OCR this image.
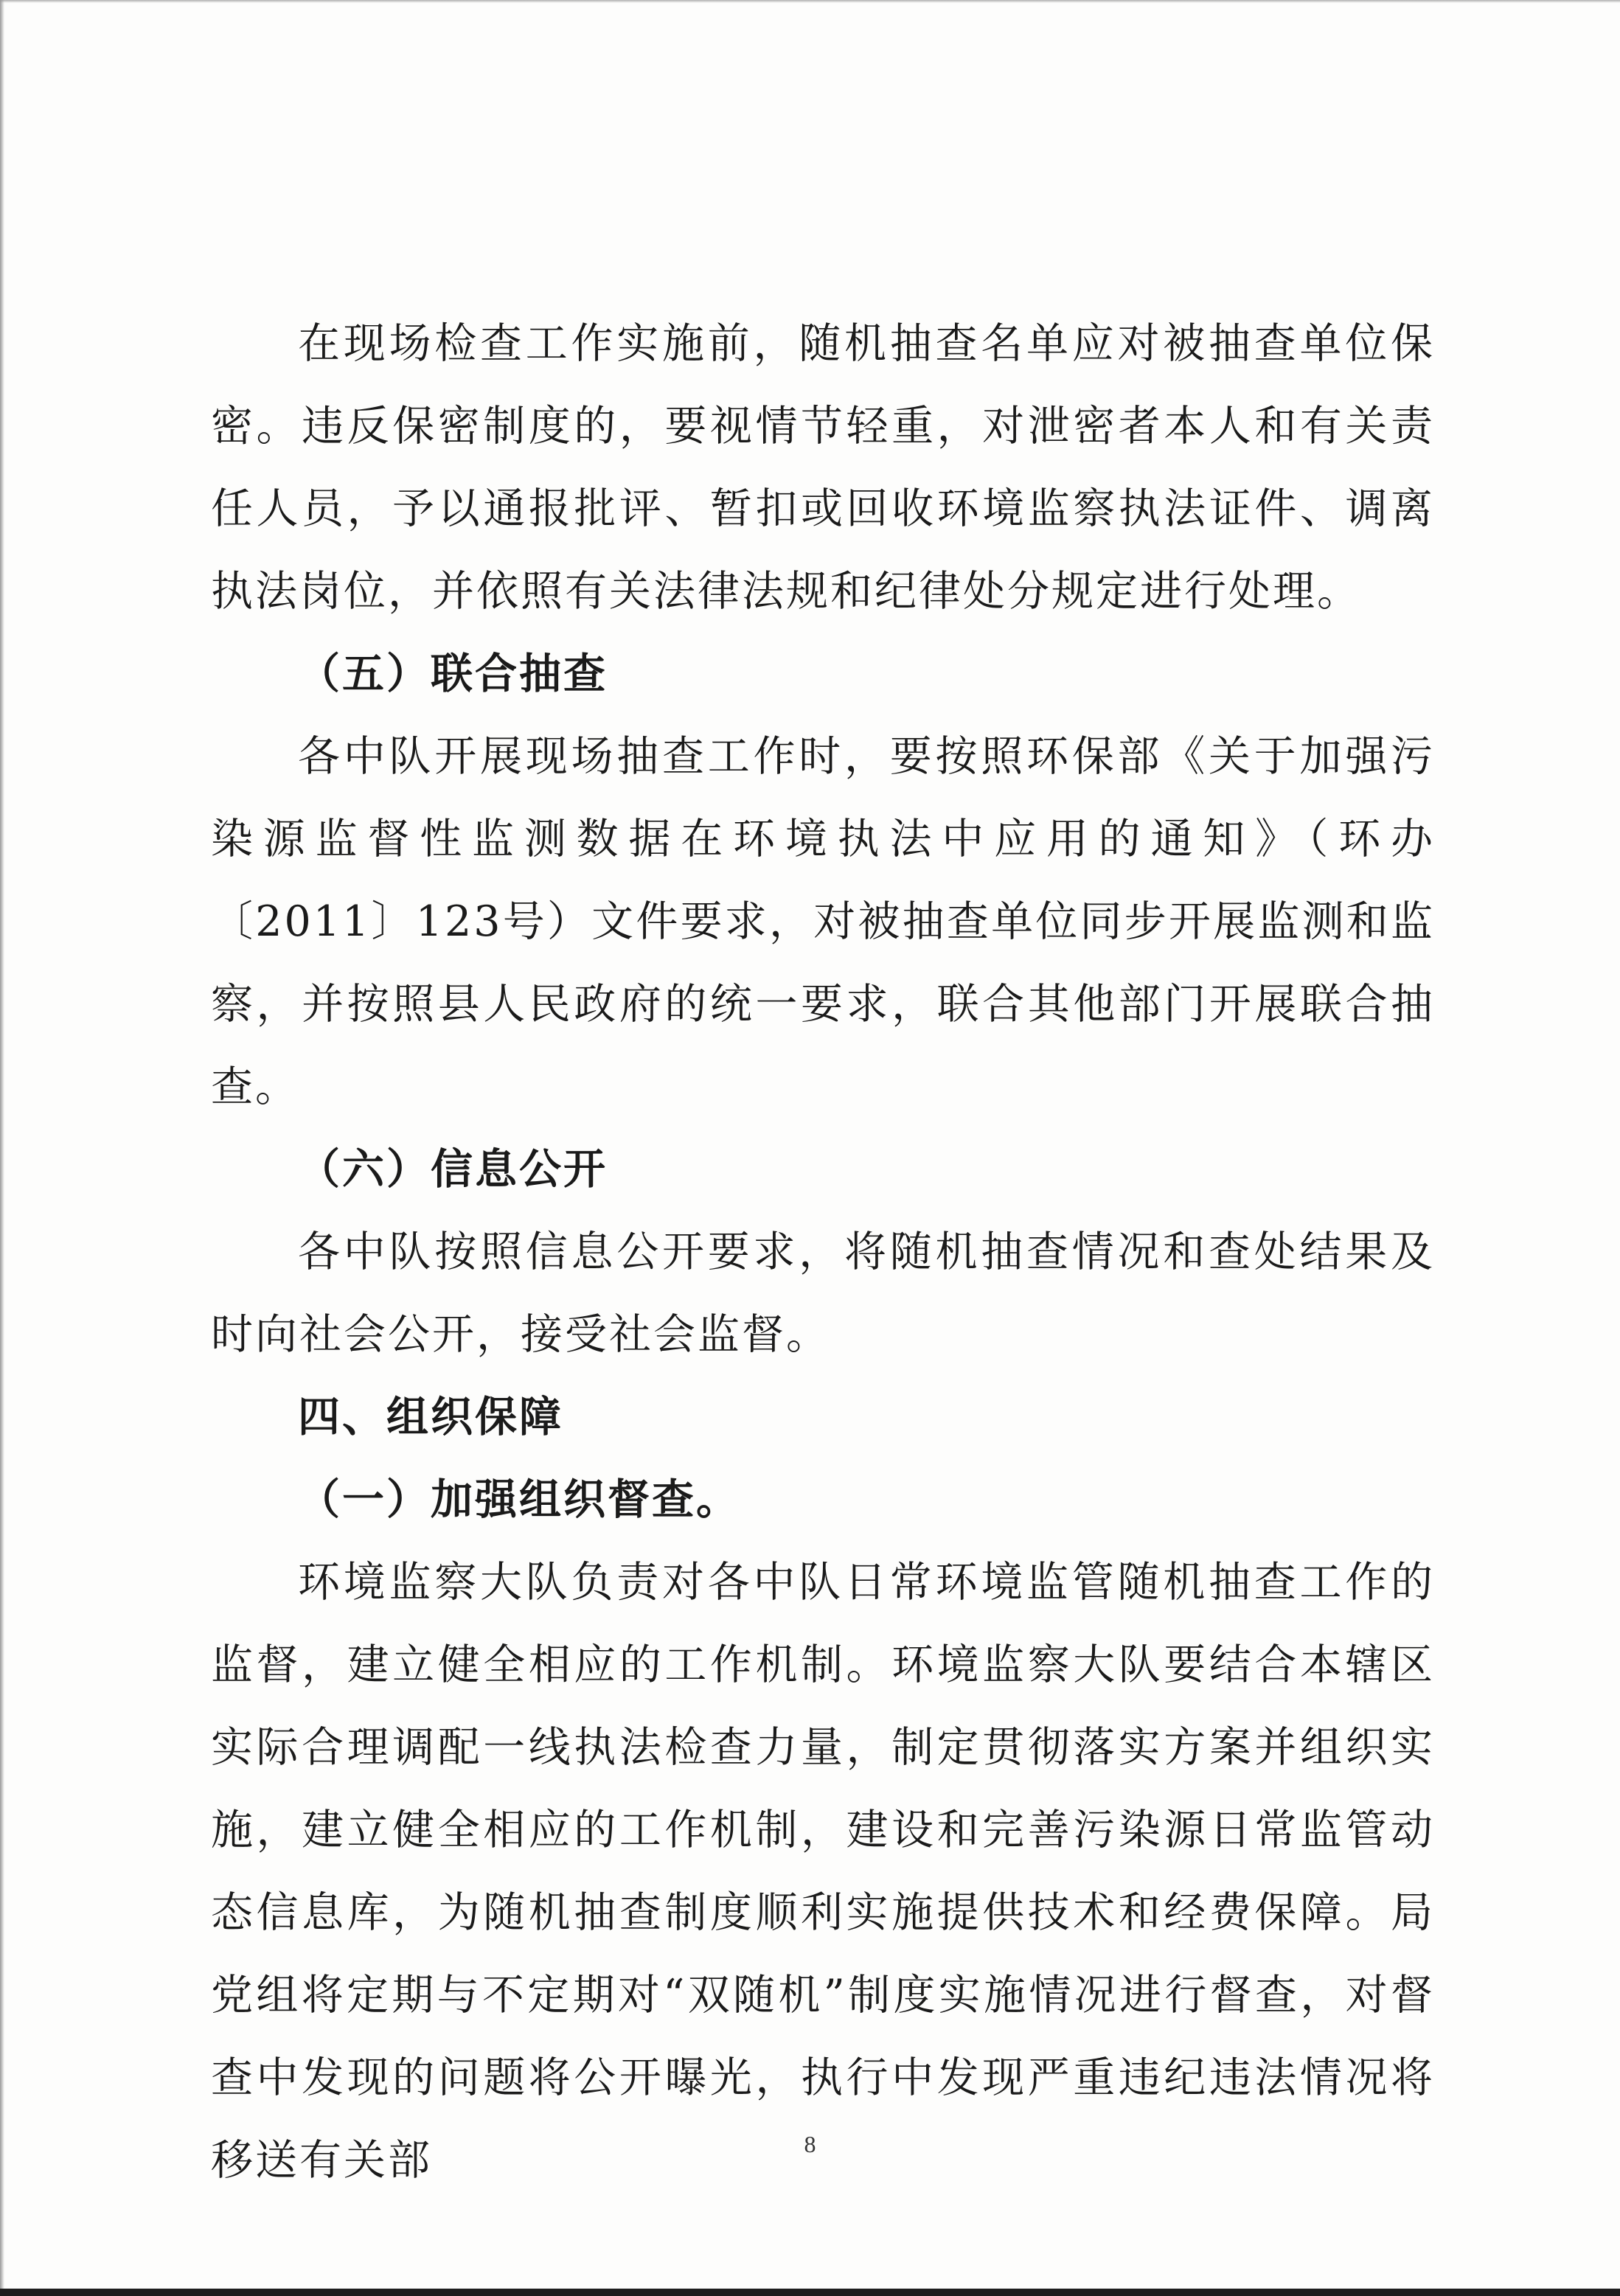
在现场检查工作实施前，随机抽查名单应对被抽查单位保密。违反保密制度的，要视情节轻重，对泄密者本人和有关责任人员，予以通报批评、暂扣或回收环境监察执法证件、调离执法岗位，并依照有关法律法规和纪律处分规定进行处理。

（五）联合抽查

各中队开展现场抽查工作时，要按照环保部《关于加强污染源监督性监测数据在环境执法中应用的通知》（环办〔2011〕123号）文件要求，对被抽查单位同步开展监测和监察，并按照县人民政府的统一要求，联合其他部门开展联合抽查。

（六）信息公开

各中队按照信息公开要求，将随机抽查情况和查处结果及时向社会公开，接受社会监督。

四、组织保障

（一）加强组织督查。

环境监察大队负责对各中队日常环境监管随机抽查工作的监督，建立健全相应的工作机制。环境监察大队要结合本辖区实际合理调配一线执法检查力量，制定贯彻落实方案并组织实施，建立健全相应的工作机制，建设和完善污染源日常监管动态信息库，为随机抽查制度顺利实施提供技术和经费保障。局党组将定期与不定期对“双随机”制度实施情况进行督查，对督查中发现的问题将公开曝光，执行中发现严重违纪违法情况将移送有关部	8
